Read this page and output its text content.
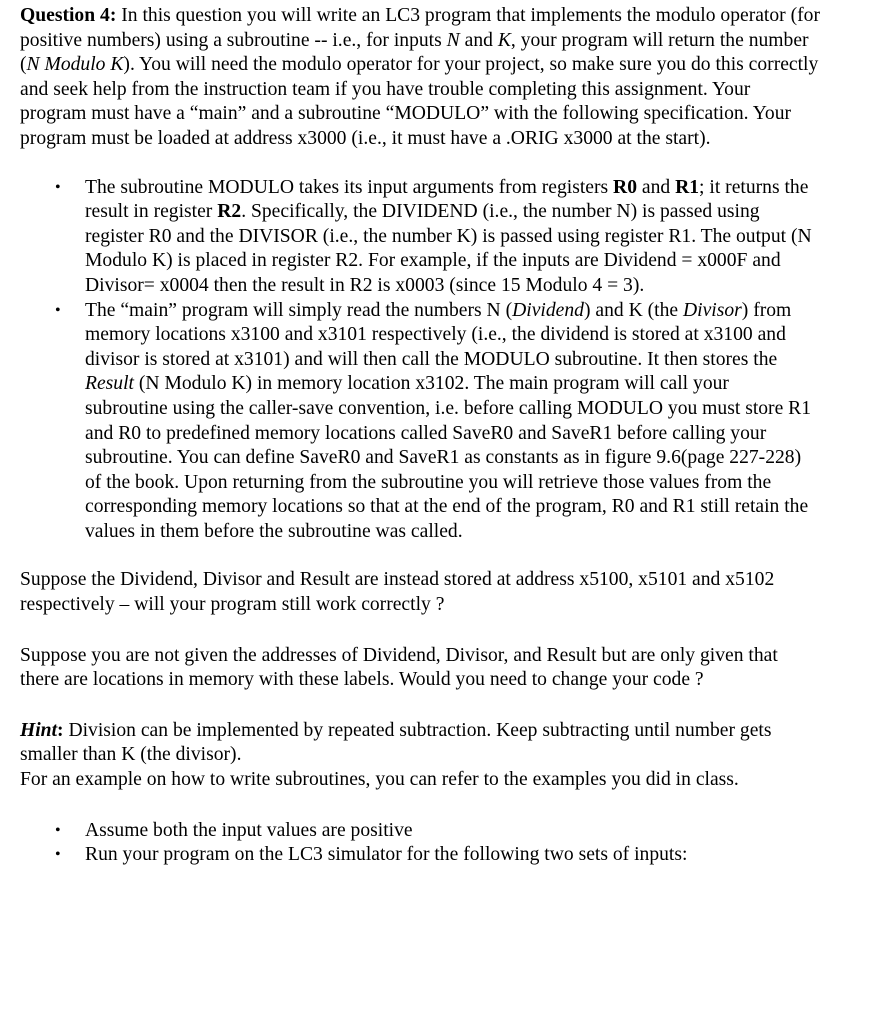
Question 4: In this question you will write an LC3 program that implements the modulo operator (for positive numbers) using a subroutine -- i.e., for inputs N and K, your program will return the number (N Modulo K). You will need the modulo operator for your project, so make sure you do this correctly and seek help from the instruction team if you have trouble completing this assignment. Your program must have a “main” and a subroutine “MODULO” with the following specification. Your program must be loaded at address x3000 (i.e., it must have a .ORIG x3000 at the start).

• The subroutine MODULO takes its input arguments from registers R0 and R1; it returns the result in register R2. Specifically, the DIVIDEND (i.e., the number N) is passed using register R0 and the DIVISOR (i.e., the number K) is passed using register R1. The output (N Modulo K) is placed in register R2. For example, if the inputs are Dividend = x000F and Divisor= x0004 then the result in R2 is x0003 (since 15 Modulo 4 = 3).
• The “main” program will simply read the numbers N (Dividend) and K (the Divisor) from memory locations x3100 and x3101 respectively (i.e., the dividend is stored at x3100 and divisor is stored at x3101) and will then call the MODULO subroutine. It then stores the Result (N Modulo K) in memory location x3102. The main program will call your subroutine using the caller-save convention, i.e. before calling MODULO you must store R1 and R0 to predefined memory locations called SaveR0 and SaveR1 before calling your subroutine. You can define SaveR0 and SaveR1 as constants as in figure 9.6(page 227-228) of the book. Upon returning from the subroutine you will retrieve those values from the corresponding memory locations so that at the end of the program, R0 and R1 still retain the values in them before the subroutine was called.

Suppose the Dividend, Divisor and Result are instead stored at address x5100, x5101 and x5102 respectively – will your program still work correctly ?

Suppose you are not given the addresses of Dividend, Divisor, and Result but are only given that there are locations in memory with these labels. Would you need to change your code ?

Hint: Division can be implemented by repeated subtraction. Keep subtracting until number gets smaller than K (the divisor).
For an example on how to write subroutines, you can refer to the examples you did in class.

• Assume both the input values are positive
• Run your program on the LC3 simulator for the following two sets of inputs:
